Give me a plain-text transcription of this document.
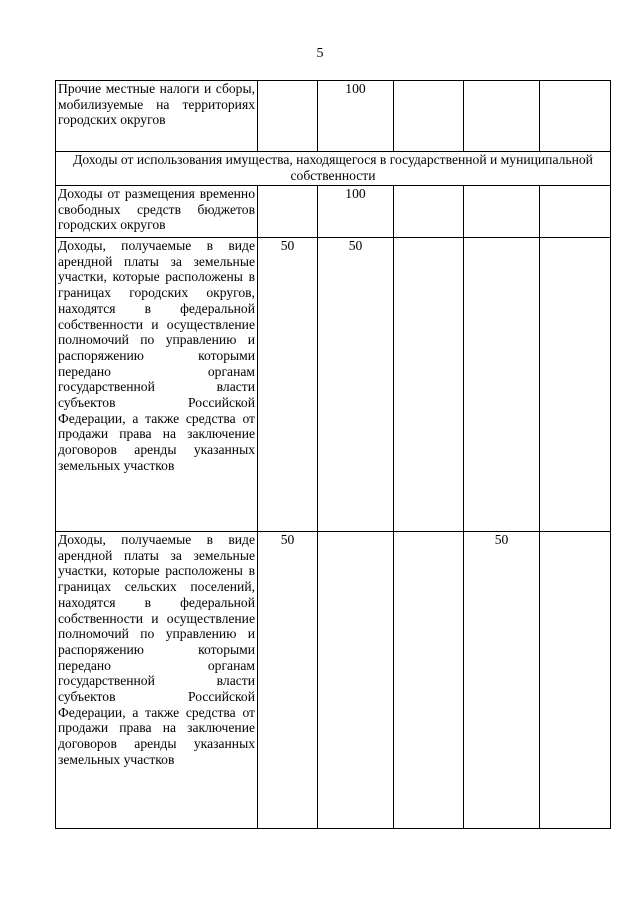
5
Прочие местные налоги и сборы, мобилизуемые на территориях городских округов		100			
Доходы от использования имущества, находящегося в государственной и муниципальной собственности					
Доходы от размещения временно свободных средств бюджетов городских округов		100			
Доходы, получаемые в виде арендной платы за земельные участки, которые расположены в границах городских округов, находятся в федеральной собственности и осуществление полномочий по управлению и распоряжению которыми передано органам государственной власти субъектов Российской Федерации, а также средства от продажи права на заключение договоров аренды указанных земельных участков	50	50			
Доходы, получаемые в виде арендной платы за земельные участки, которые расположены в границах сельских поселений, находятся в федеральной собственности и осуществление полномочий по управлению и распоряжению которыми передано органам государственной власти субъектов Российской Федерации, а также средства от продажи права на заключение договоров аренды указанных земельных участков	50			50	
